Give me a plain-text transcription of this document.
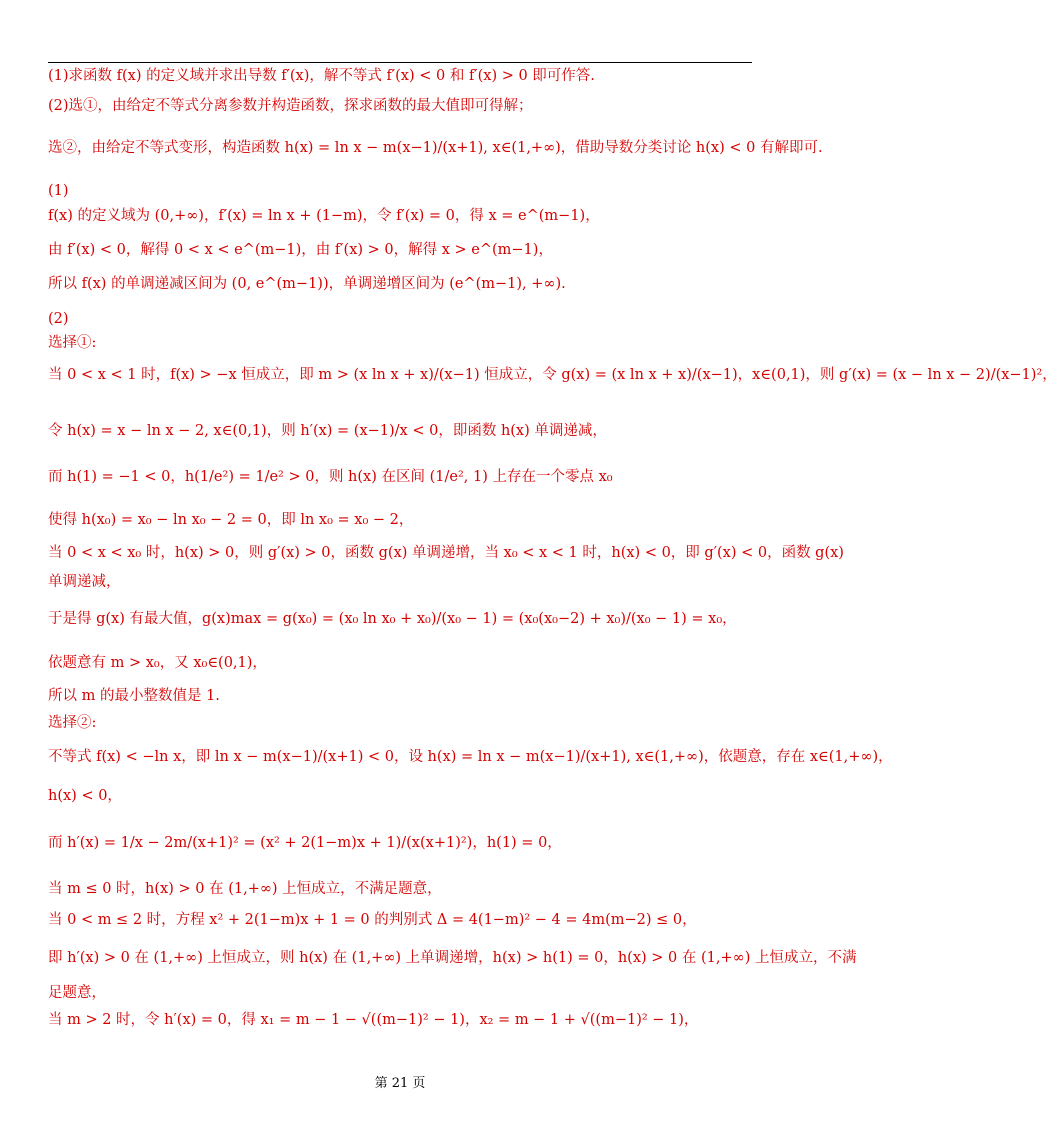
(1)求函数 f(x) 的定义域并求出导数 f′(x)，解不等式 f′(x) < 0 和 f′(x) > 0 即可作答.
(2)选①，由给定不等式分离参数并构造函数，探求函数的最大值即可得解；
选②，由给定不等式变形，构造函数 h(x) = ln x − m(x−1)/(x+1), x∈(1,+∞)，借助导数分类讨论 h(x) < 0 有解即可.
(1)
f(x) 的定义域为 (0,+∞)，f′(x) = ln x + (1−m)，令 f′(x) = 0，得 x = e^(m−1)，
由 f′(x) < 0，解得 0 < x < e^(m−1)，由 f′(x) > 0，解得 x > e^(m−1)，
所以 f(x) 的单调递减区间为 (0, e^(m−1))，单调递增区间为 (e^(m−1), +∞).
(2)
选择①:
当 0 < x < 1 时，f(x) > −x 恒成立，即 m > (x ln x + x)/(x−1) 恒成立，令 g(x) = (x ln x + x)/(x−1)，x∈(0,1)，则 g′(x) = (x − ln x − 2)/(x−1)²，
令 h(x) = x − ln x − 2, x∈(0,1)，则 h′(x) = (x−1)/x < 0，即函数 h(x) 单调递减，
而 h(1) = −1 < 0，h(1/e²) = 1/e² > 0，则 h(x) 在区间 (1/e², 1) 上存在一个零点 x₀
使得 h(x₀) = x₀ − ln x₀ − 2 = 0，即 ln x₀ = x₀ − 2，
当 0 < x < x₀ 时，h(x) > 0，则 g′(x) > 0，函数 g(x) 单调递增，当 x₀ < x < 1 时，h(x) < 0，即 g′(x) < 0，函数 g(x)
单调递减，
于是得 g(x) 有最大值，g(x)max = g(x₀) = (x₀ ln x₀ + x₀)/(x₀ − 1) = (x₀(x₀−2) + x₀)/(x₀ − 1) = x₀，
依题意有 m > x₀，又 x₀∈(0,1)，
所以 m 的最小整数值是 1.
选择②:
不等式 f(x) < −ln x，即 ln x − m(x−1)/(x+1) < 0，设 h(x) = ln x − m(x−1)/(x+1), x∈(1,+∞)，依题意，存在 x∈(1,+∞)，
h(x) < 0，
而 h′(x) = 1/x − 2m/(x+1)² = (x² + 2(1−m)x + 1)/(x(x+1)²)，h(1) = 0，
当 m ≤ 0 时，h(x) > 0 在 (1,+∞) 上恒成立，不满足题意，
当 0 < m ≤ 2 时，方程 x² + 2(1−m)x + 1 = 0 的判别式 Δ = 4(1−m)² − 4 = 4m(m−2) ≤ 0，
即 h′(x) > 0 在 (1,+∞) 上恒成立，则 h(x) 在 (1,+∞) 上单调递增，h(x) > h(1) = 0，h(x) > 0 在 (1,+∞) 上恒成立，不满
足题意，
当 m > 2 时，令 h′(x) = 0，得 x₁ = m − 1 − √((m−1)² − 1)，x₂ = m − 1 + √((m−1)² − 1)，
第 21 页
